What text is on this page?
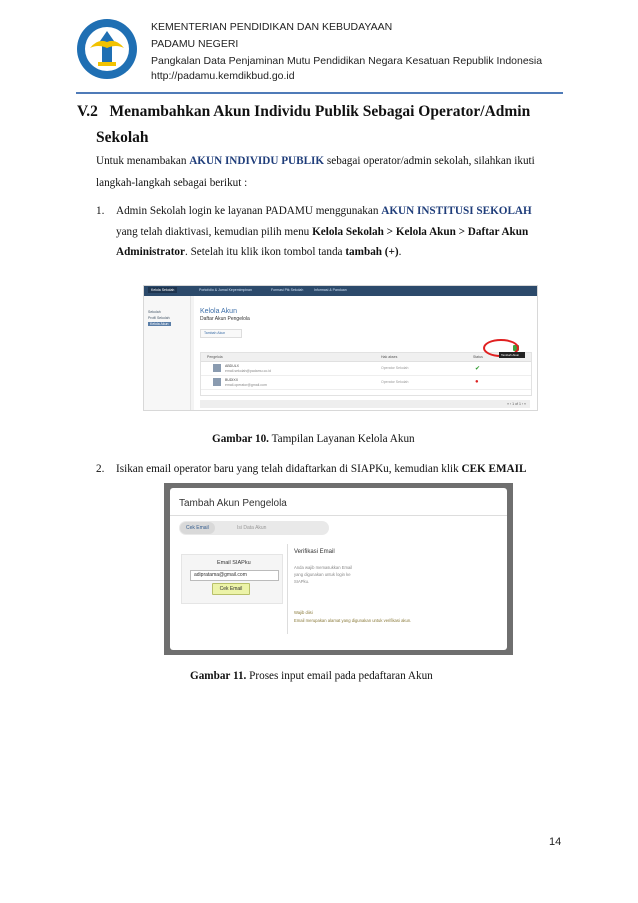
KEMENTERIAN PENDIDIKAN DAN KEBUDAYAAN
PADAMU NEGERI
Pangkalan Data Penjaminan Mutu Pendidikan Negara Kesatuan Republik Indonesia
http://padamu.kemdikbud.go.id
V.2 Menambahkan Akun Individu Publik Sebagai Operator/Admin
Sekolah
Untuk menambakan AKUN INDIVIDU PUBLIK sebagai operator/admin sekolah, silahkan ikuti
langkah-langkah sebagai berikut :
1. Admin Sekolah login ke layanan PADAMU menggunakan AKUN INSTITUSI SEKOLAH
yang telah diaktivasi, kemudian pilih menu Kelola Sekolah > Kelola Akun > Daftar Akun
Administrator. Setelah itu klik ikon tombol tanda tambah (+).
Kelola Sekolah	Portofolio & Jurnal Kepemimpinan	Formasi Ptk Sekolah	Informasi & Panduan
Sekolah
Profil Sekolah
Kelola Akun
Kelola Akun
Daftar Akun Pengelola
Tambah Akun
Pengelola	Hak akses	Status
ABDULX
email.sekolah@padamu.co.id
Operator Sekolah	✔
BUDIXX
email.operator@gmail.com
Operator Sekolah	●
« ‹ 1 of 1 › »
Tambah Akun
Gambar 10. Tampilan Layanan Kelola Akun
2. Isikan email operator baru yang telah didaftarkan di SIAPKu, kemudian klik CEK EMAIL
Tambah Akun Pengelola
Cek Email	Isi Data Akun
Email SIAPku
adipratama@gmail.com
Cek Email
Verifikasi Email
Anda wajib memasukkan Email
yang digunakan untuk login ke
SIAPku.
Wajib diisi
Email merupakan alamat yang digunakan untuk verifikasi akun.
Gambar 11. Proses input email pada pedaftaran Akun
14
